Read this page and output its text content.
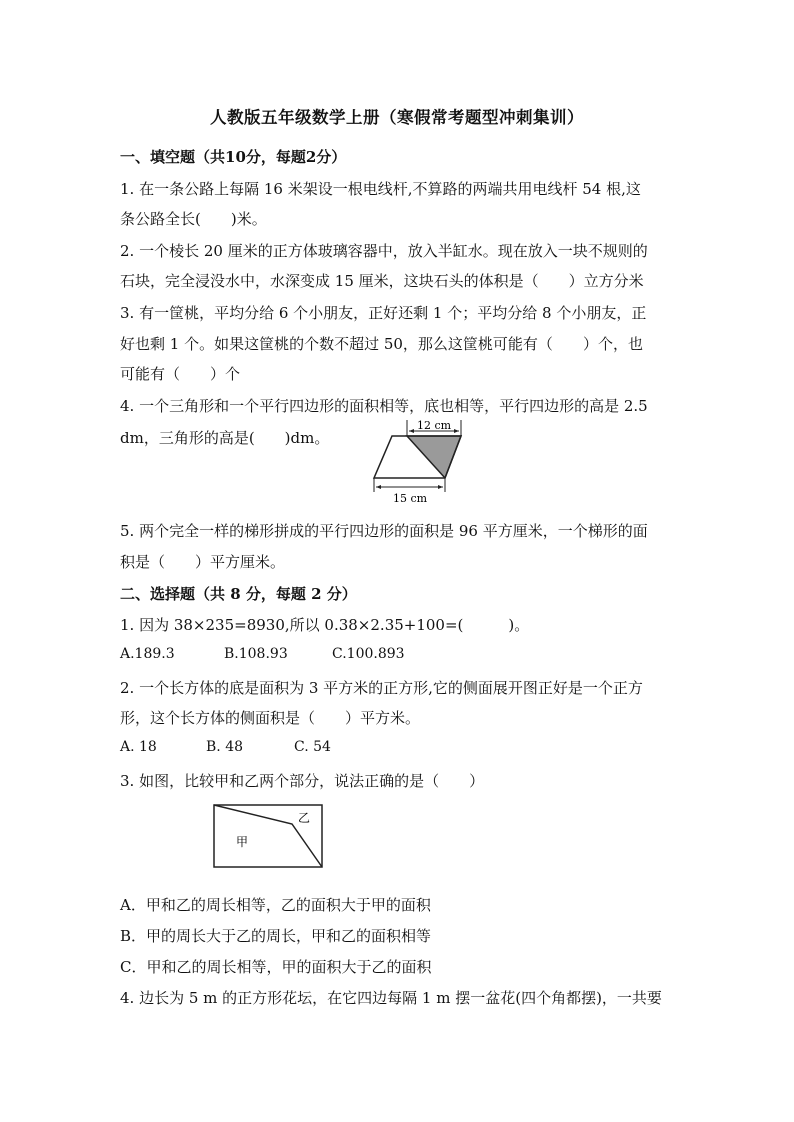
人教版五年级数学上册（寒假常考题型冲刺集训）
一、填空题（共10分，每题2分）
1. 在一条公路上每隔 16 米架设一根电线杆,不算路的两端共用电线杆 54 根,这
条公路全长(　　)米。
2. 一个棱长 20 厘米的正方体玻璃容器中，放入半缸水。现在放入一块不规则的
石块，完全浸没水中，水深变成 15 厘米，这块石头的体积是（　　）立方分米
3. 有一筐桃，平均分给 6 个小朋友，正好还剩 1 个；平均分给 8 个小朋友，正
好也剩 1 个。如果这筐桃的个数不超过 50，那么这筐桃可能有（　　）个，也
可能有（　　）个
4. 一个三角形和一个平行四边形的面积相等，底也相等，平行四边形的高是 2.5
dm，三角形的高是(　　)dm。
12 cm
15 cm
5. 两个完全一样的梯形拼成的平行四边形的面积是 96 平方厘米，一个梯形的面
积是（　　）平方厘米。
二、选择题（共 8 分，每题 2 分）
1. 因为 38×235=8930,所以 0.38×2.35+100=(　　　)。
A.189.3	B.108.93	C.100.893
2. 一个长方体的底是面积为 3 平方米的正方形,它的侧面展开图正好是一个正方
形，这个长方体的侧面积是（　　）平方米。
A. 18	B. 48	C. 54
3. 如图，比较甲和乙两个部分，说法正确的是（　　）
甲
乙
A．甲和乙的周长相等，乙的面积大于甲的面积
B．甲的周长大于乙的周长，甲和乙的面积相等
C．甲和乙的周长相等，甲的面积大于乙的面积
4. 边长为 5 m 的正方形花坛，在它四边每隔 1 m 摆一盆花(四个角都摆)，一共要
